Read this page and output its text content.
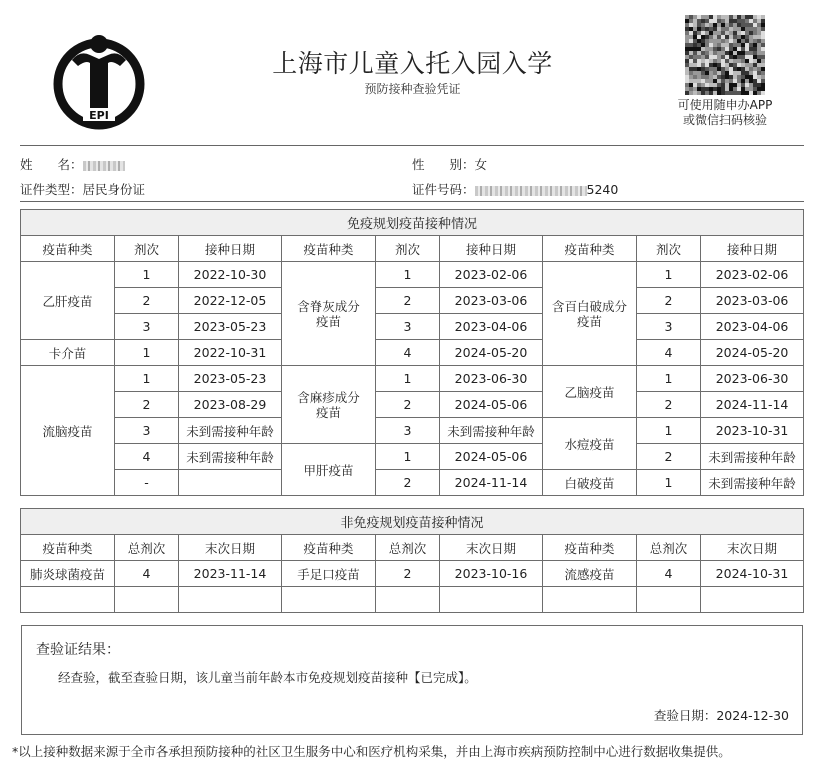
EPI
上海市儿童入托入园入学
预防接种查验凭证
可使用随申办APP
或微信扫码核验
姓　　名：	性　　别：女
证件类型：居民身份证	证件号码：	5240
免疫规划疫苗接种情况								
疫苗种类	剂次	接种日期	疫苗种类	剂次	接种日期	疫苗种类	剂次	接种日期
乙肝疫苗	1	2022-10-30	含脊灰成分疫苗	1	2023-02-06	含百白破成分疫苗	1	2023-02-06
	2	2022-12-05		2	2023-03-06		2	2023-03-06
	3	2023-05-23		3	2023-04-06		3	2023-04-06
卡介苗	1	2022-10-31		4	2024-05-20		4	2024-05-20
流脑疫苗	1	2023-05-23	含麻疹成分疫苗	1	2023-06-30	乙脑疫苗	1	2023-06-30
	2	2023-08-29		2	2024-05-06		2	2024-11-14
	3	未到需接种年龄		3	未到需接种年龄	水痘疫苗	1	2023-10-31
	4	未到需接种年龄	甲肝疫苗	1	2024-05-06		2	未到需接种年龄
	-			2	2024-11-14	白破疫苗	1	未到需接种年龄
非免疫规划疫苗接种情况								
疫苗种类	总剂次	末次日期	疫苗种类	总剂次	末次日期	疫苗种类	总剂次	末次日期
肺炎球菌疫苗	4	2023-11-14	手足口疫苗	2	2023-10-16	流感疫苗	4	2024-10-31

查验证结果：
经查验，截至查验日期，该儿童当前年龄本市免疫规划疫苗接种【已完成】。
查验日期：2024-12-30
*以上接种数据来源于全市各承担预防接种的社区卫生服务中心和医疗机构采集，并由上海市疾病预防控制中心进行数据收集提供。
